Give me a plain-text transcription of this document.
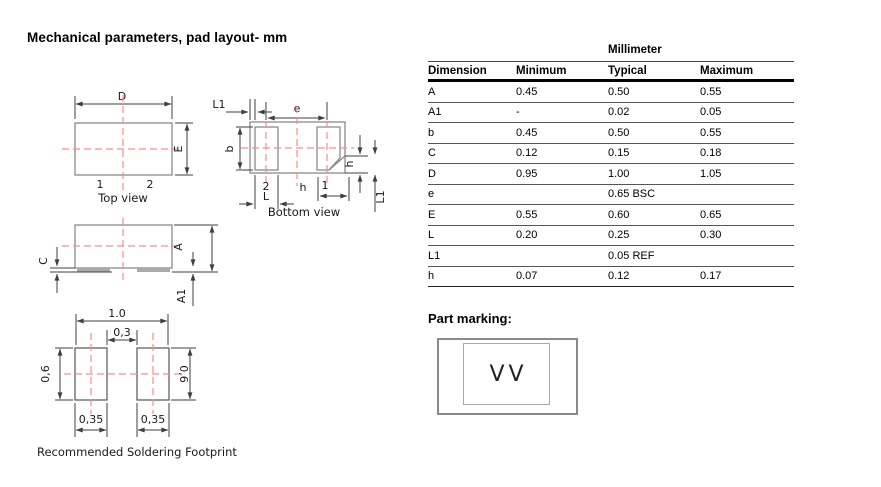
Mechanical parameters, pad layout- mm
D
E
1	2
Top view
L1	e
b
2	h 1
L
h
L1
Bottom view
C
A
A1
1.0
0,3
0,6	0,6
0,35	0,35
Recommended Soldering Footprint
Millimeter
Dimension	Minimum	Typical	Maximum
A	0.45	0.50	0.55
A1	-	0.02	0.05
b	0.45	0.50	0.55
C	0.12	0.15	0.18
D	0.95	1.00	1.05
e		0.65 BSC	
E	0.55	0.60	0.65
L	0.20	0.25	0.30
L1		0.05 REF	
h	0.07	0.12	0.17
Part marking:
VV
